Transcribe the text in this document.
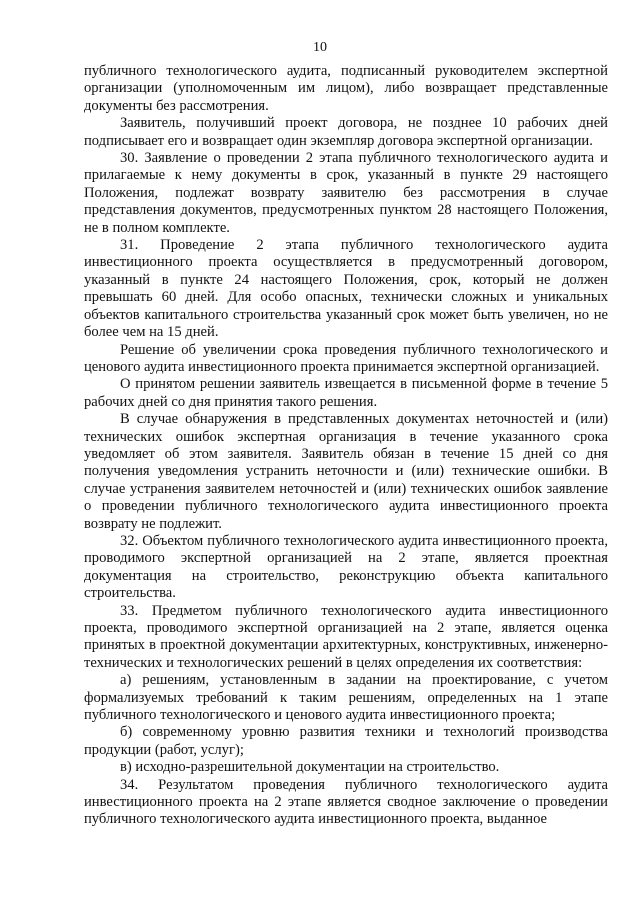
10

публичного технологического аудита, подписанный руководителем экспертной организации (уполномоченным им лицом), либо возвращает представленные документы без рассмотрения.

Заявитель, получивший проект договора, не позднее 10 рабочих дней подписывает его и возвращает один экземпляр договора экспертной организации.

30. Заявление о проведении 2 этапа публичного технологического аудита и прилагаемые к нему документы в срок, указанный в пункте 29 настоящего Положения, подлежат возврату заявителю без рассмотрения в случае представления документов, предусмотренных пунктом 28 настоящего Положения, не в полном комплекте.

31. Проведение 2 этапа публичного технологического аудита инвестиционного проекта осуществляется в предусмотренный договором, указанный в пункте 24 настоящего Положения, срок, который не должен превышать 60 дней. Для особо опасных, технически сложных и уникальных объектов капитального строительства указанный срок может быть увеличен, но не более чем на 15 дней.

Решение об увеличении срока проведения публичного технологического и ценового аудита инвестиционного проекта принимается экспертной организацией.

О принятом решении заявитель извещается в письменной форме в течение 5 рабочих дней со дня принятия такого решения.

В случае обнаружения в представленных документах неточностей и (или) технических ошибок экспертная организация в течение указанного срока уведомляет об этом заявителя. Заявитель обязан в течение 15 дней со дня получения уведомления устранить неточности и (или) технические ошибки. В случае устранения заявителем неточностей и (или) технических ошибок заявление о проведении публичного технологического аудита инвестиционного проекта возврату не подлежит.

32. Объектом публичного технологического аудита инвестиционного проекта, проводимого экспертной организацией на 2 этапе, является проектная документация на строительство, реконструкцию объекта капитального строительства.

33. Предметом публичного технологического аудита инвестиционного проекта, проводимого экспертной организацией на 2 этапе, является оценка принятых в проектной документации архитектурных, конструктивных, инженерно-технических и технологических решений в целях определения их соответствия:

а) решениям, установленным в задании на проектирование, с учетом формализуемых требований к таким решениям, определенных на 1 этапе публичного технологического и ценового аудита инвестиционного проекта;

б) современному уровню развития техники и технологий производства продукции (работ, услуг);

в) исходно-разрешительной документации на строительство.

34. Результатом проведения публичного технологического аудита инвестиционного проекта на 2 этапе является сводное заключение о проведении публичного технологического аудита инвестиционного проекта, выданное
